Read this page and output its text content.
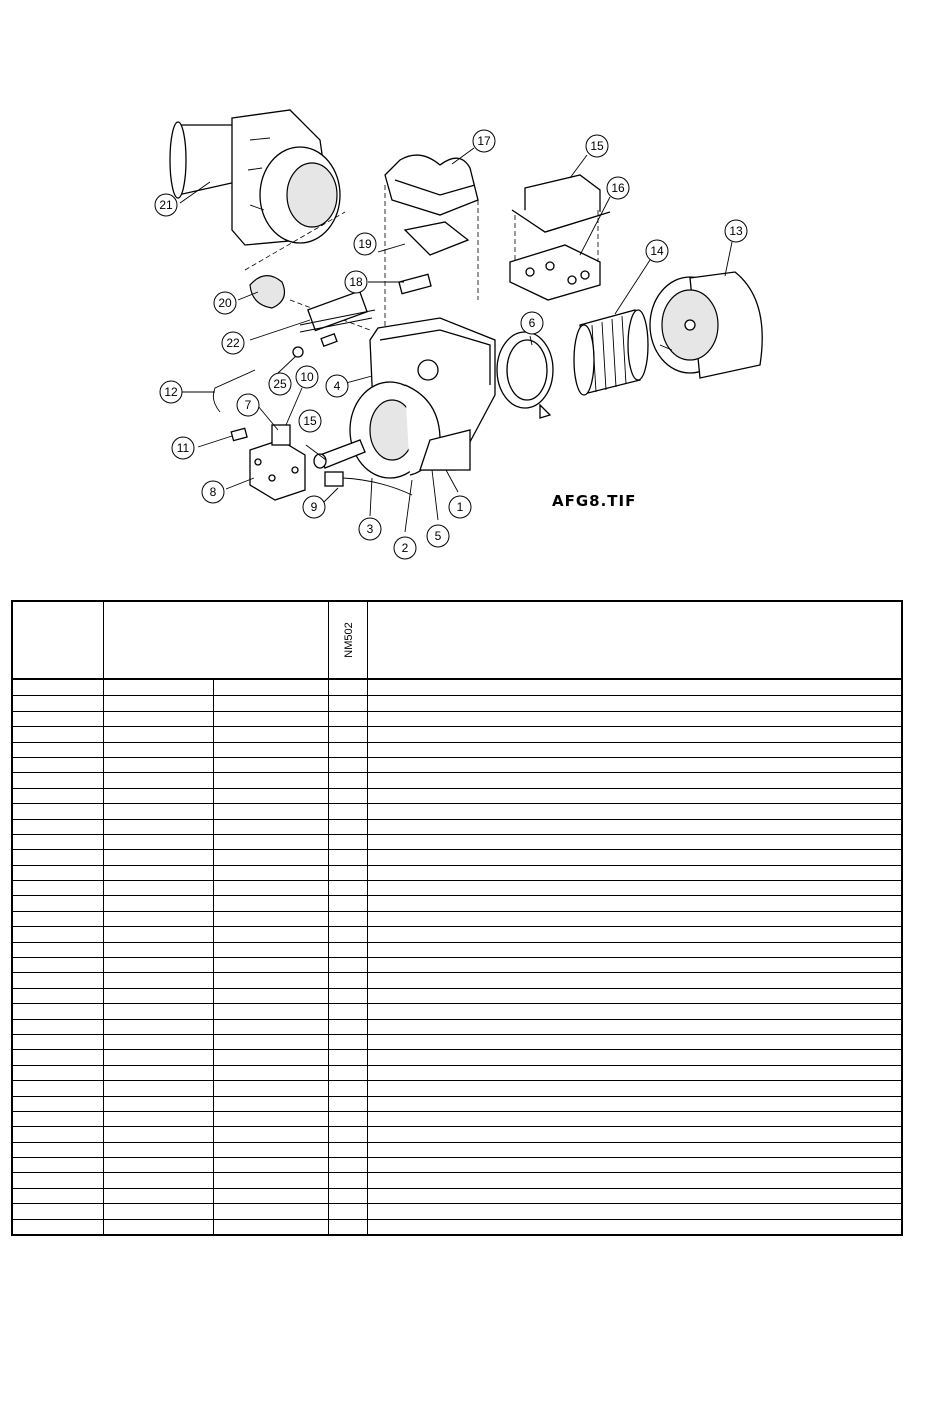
21
20
22
12
11
8
7
10
25
15
9
4
3
2
5
1
6
19
18
17	15
16
14
13
AFG8.TIF
NM502
